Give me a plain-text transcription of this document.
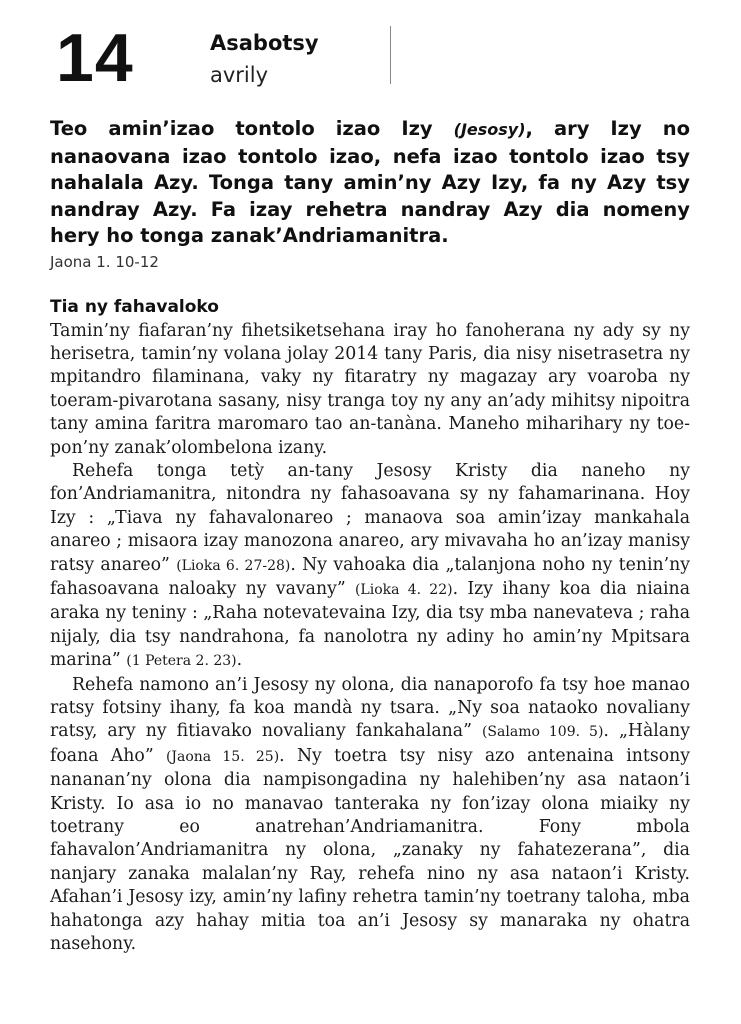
14	Asabotsy
avrily
Teo amin’izao tontolo izao Izy (Jesosy), ary Izy no nanaovana izao tontolo izao, nefa izao tontolo izao tsy nahalala Azy. Tonga tany amin’ny Azy Izy, fa ny Azy tsy nandray Azy. Fa izay rehetra nandray Azy dia nomeny hery ho tonga zanak’Andriamanitra.
Jaona 1. 10-12
Tia ny fahavaloko

Tamin’ny fiafaran’ny fihetsiketsehana iray ho fanoherana ny ady sy ny herisetra, tamin’ny volana jolay 2014 tany Paris, dia nisy nisetrasetra ny mpitandro filaminana, vaky ny fitaratry ny magazay ary voaroba ny toeram-pivarotana sasany, nisy tranga toy ny any an’ady mihitsy nipoitra tany amina faritra maromaro tao an-tanàna. Maneho miharihary ny toe-pon’ny zanak’olombelona izany.

Rehefa tonga tetỳ an-tany Jesosy Kristy dia naneho ny fon’Andriamanitra, nitondra ny fahasoavana sy ny fahamarinana. Hoy Izy : „Tiava ny fahavalonareo ; manaova soa amin’izay mankahala anareo ; misaora izay manozona anareo, ary mivavaha ho an’izay manisy ratsy anareo” (Lioka 6. 27-28). Ny vahoaka dia „talanjona noho ny tenin’ny fahasoavana naloaky ny vavany” (Lioka 4. 22). Izy ihany koa dia niaina araka ny teniny : „Raha notevatevaina Izy, dia tsy mba nanevateva ; raha nijaly, dia tsy nandrahona, fa nanolotra ny adiny ho amin’ny Mpitsara marina” (1 Petera 2. 23).

Rehefa namono an’i Jesosy ny olona, dia nanaporofo fa tsy hoe manao ratsy fotsiny ihany, fa koa mandà ny tsara. „Ny soa nataoko novaliany ratsy, ary ny fitiavako novaliany fankahalana” (Salamo 109. 5). „Hàlany foana Aho” (Jaona 15. 25). Ny toetra tsy nisy azo antenaina intsony nananan’ny olona dia nampisongadina ny halehiben’ny asa nataon’i Kristy. Io asa io no manavao tanteraka ny fon’izay olona miaiky ny toetrany eo anatrehan’Andriamanitra. Fony mbola fahavalon’Andriamanitra ny olona, „zanaky ny fahatezerana”, dia nanjary zanaka malalan’ny Ray, rehefa nino ny asa nataon’i Kristy. Afahan’i Jesosy izy, amin’ny lafiny rehetra tamin’ny toetrany taloha, mba hahatonga azy hahay mitia toa an’i Jesosy sy manaraka ny ohatra nasehony.
